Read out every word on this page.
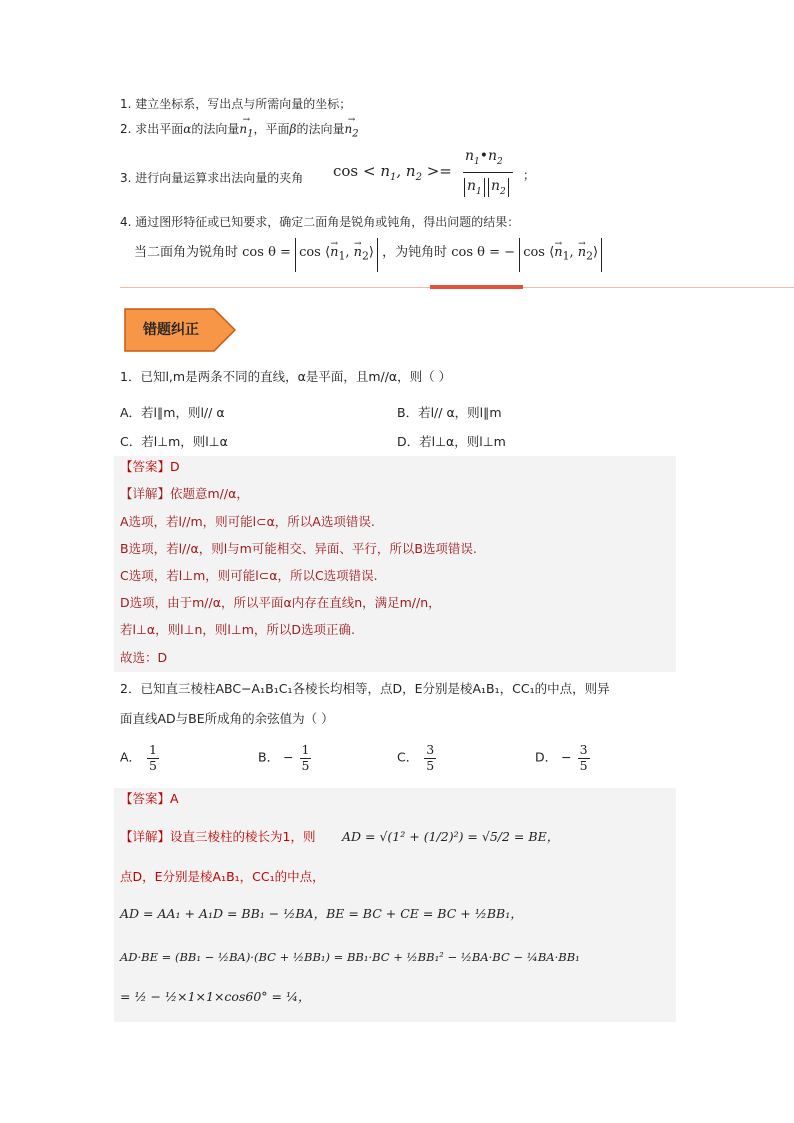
1. 建立坐标系，写出点与所需向量的坐标；
2. 求出平面α的法向量→ $n_1$，平面β的法向量→ $n_2$
3. 进行向量运算求出法向量的夹角 $\cos < n_1$, $n_2$ >=
$n_1•n_2$
$n_1$ $n_2$
；
4. 通过图形特征或已知要求，确定二面角是锐角或钝角，得出问题的结果：
当二面角为锐角时 cos θ = cos ⟨→ $n_1$, → $n_2⟩$ ，为钝角时 cos θ = − cos ⟨→ $n_1$, → $n_2⟩$
错题纠正
1．已知l,m是两条不同的直线，α是平面，且m//α，则（ ）
A．若l∥m，则l// α	B．若l// α，则l∥m
C．若l⊥m，则l⊥α	D．若l⊥α，则l⊥m
【答案】D
【详解】依题意m//α，
A选项，若l//m，则可能l⊂α，所以A选项错误.
B选项，若l//α，则l与m可能相交、异面、平行，所以B选项错误.
C选项，若l⊥m，则可能l⊂α，所以C选项错误.
D选项，由于m//α，所以平面α内存在直线n，满足m//n，
若l⊥α，则l⊥n，则l⊥m，所以D选项正确.
故选：D
2．已知直三棱柱ABC−A₁B₁C₁各棱长均相等，点D，E分别是棱A₁B₁，CC₁的中点，则异
面直线AD与BE所成角的余弦值为（ ）
A． $\frac{1}{5}$	B． − $\frac{1}{5}$	C． $\frac{3}{5}$	D． − $\frac{3}{5}$
【答案】A
【详解】设直三棱柱的棱长为1，则 AD = √(1² + (1/2)²) = √5/2 = BE，
点D，E分别是棱A₁B₁，CC₁的中点，
AD = AA₁ + A₁D = BB₁ − ½BA，BE = BC + CE = BC + ½BB₁，
AD·BE = (BB₁ − ½BA)·(BC + ½BB₁) = BB₁·BC + ½BB₁² − ½BA·BC − ¼BA·BB₁
= ½ − ½×1×1×cos60° = ¼，
